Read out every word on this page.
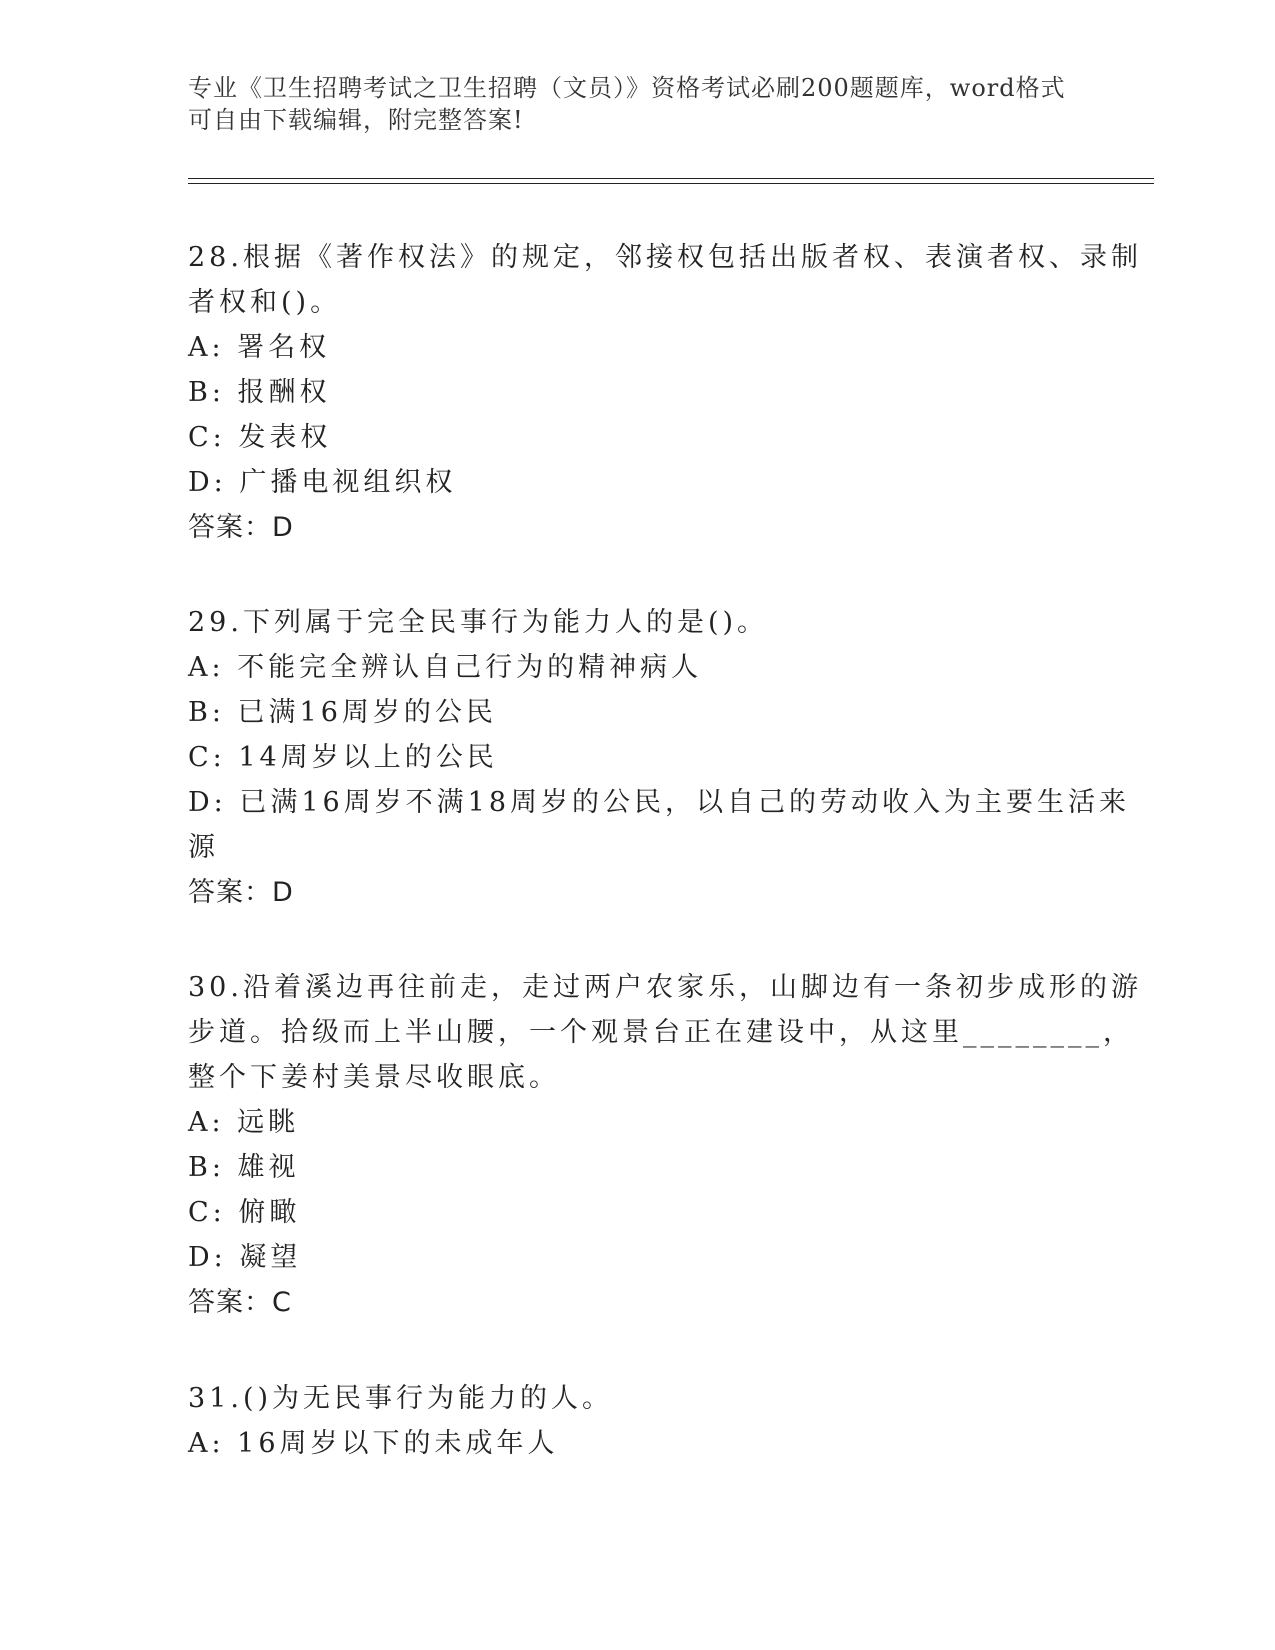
专业《卫生招聘考试之卫生招聘（文员）》资格考试必刷200题题库，word格式
可自由下载编辑，附完整答案!
28.根据《著作权法》的规定，邻接权包括出版者权、表演者权、录制
者权和()。
A: 署名权
B: 报酬权
C: 发表权
D: 广播电视组织权
答案：D
29.下列属于完全民事行为能力人的是()。
A: 不能完全辨认自己行为的精神病人
B: 已满16周岁的公民
C: 14周岁以上的公民
D: 已满16周岁不满18周岁的公民，以自己的劳动收入为主要生活来
源
答案：D
30.沿着溪边再往前走，走过两户农家乐，山脚边有一条初步成形的游
步道。拾级而上半山腰，一个观景台正在建设中，从这里________，
整个下姜村美景尽收眼底。
A: 远眺
B: 雄视
C: 俯瞰
D: 凝望
答案：C
31.()为无民事行为能力的人。
A: 16周岁以下的未成年人
